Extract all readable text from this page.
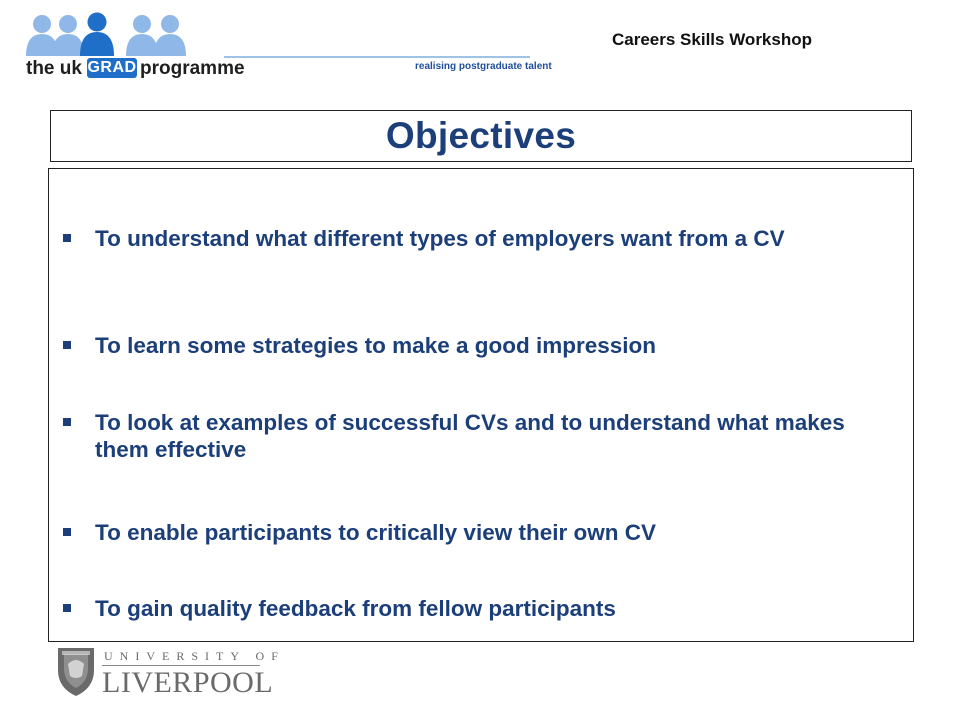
the uk GRAD programme	realising postgraduate talent
Careers Skills Workshop
Objectives
To understand what different types of employers want from a CV
To learn some strategies to make a good impression
To look at examples of successful CVs and to understand what makes them effective
To enable participants to critically view their own CV
To gain quality feedback from fellow participants
UNIVERSITY OF
LIVERPOOL
